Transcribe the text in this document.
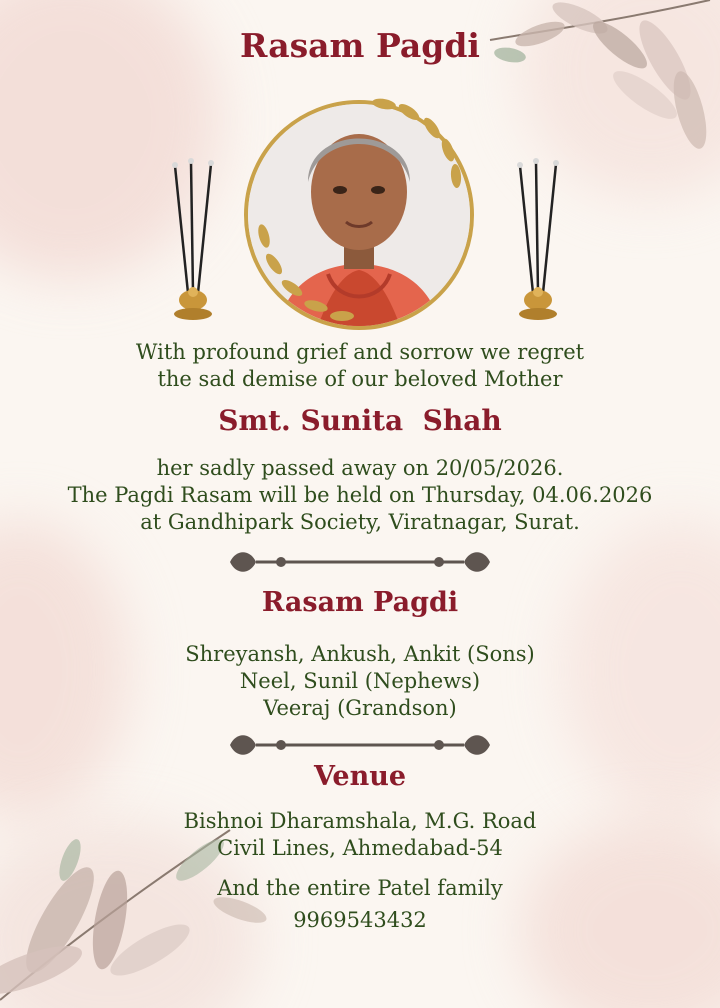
Rasam Pagdi
With profound grief and sorrow we regret
the sad demise of our beloved Mother
Smt. Sunita  Shah
her sadly passed away on 20/05/2026.
The Pagdi Rasam will be held on Thursday, 04.06.2026
at Gandhipark Society, Viratnagar, Surat.
Rasam Pagdi
Shreyansh, Ankush, Ankit (Sons)
Neel, Sunil (Nephews)
Veeraj (Grandson)
Venue
Bishnoi Dharamshala, M.G. Road
Civil Lines, Ahmedabad-54
And the entire Patel family
9969543432
